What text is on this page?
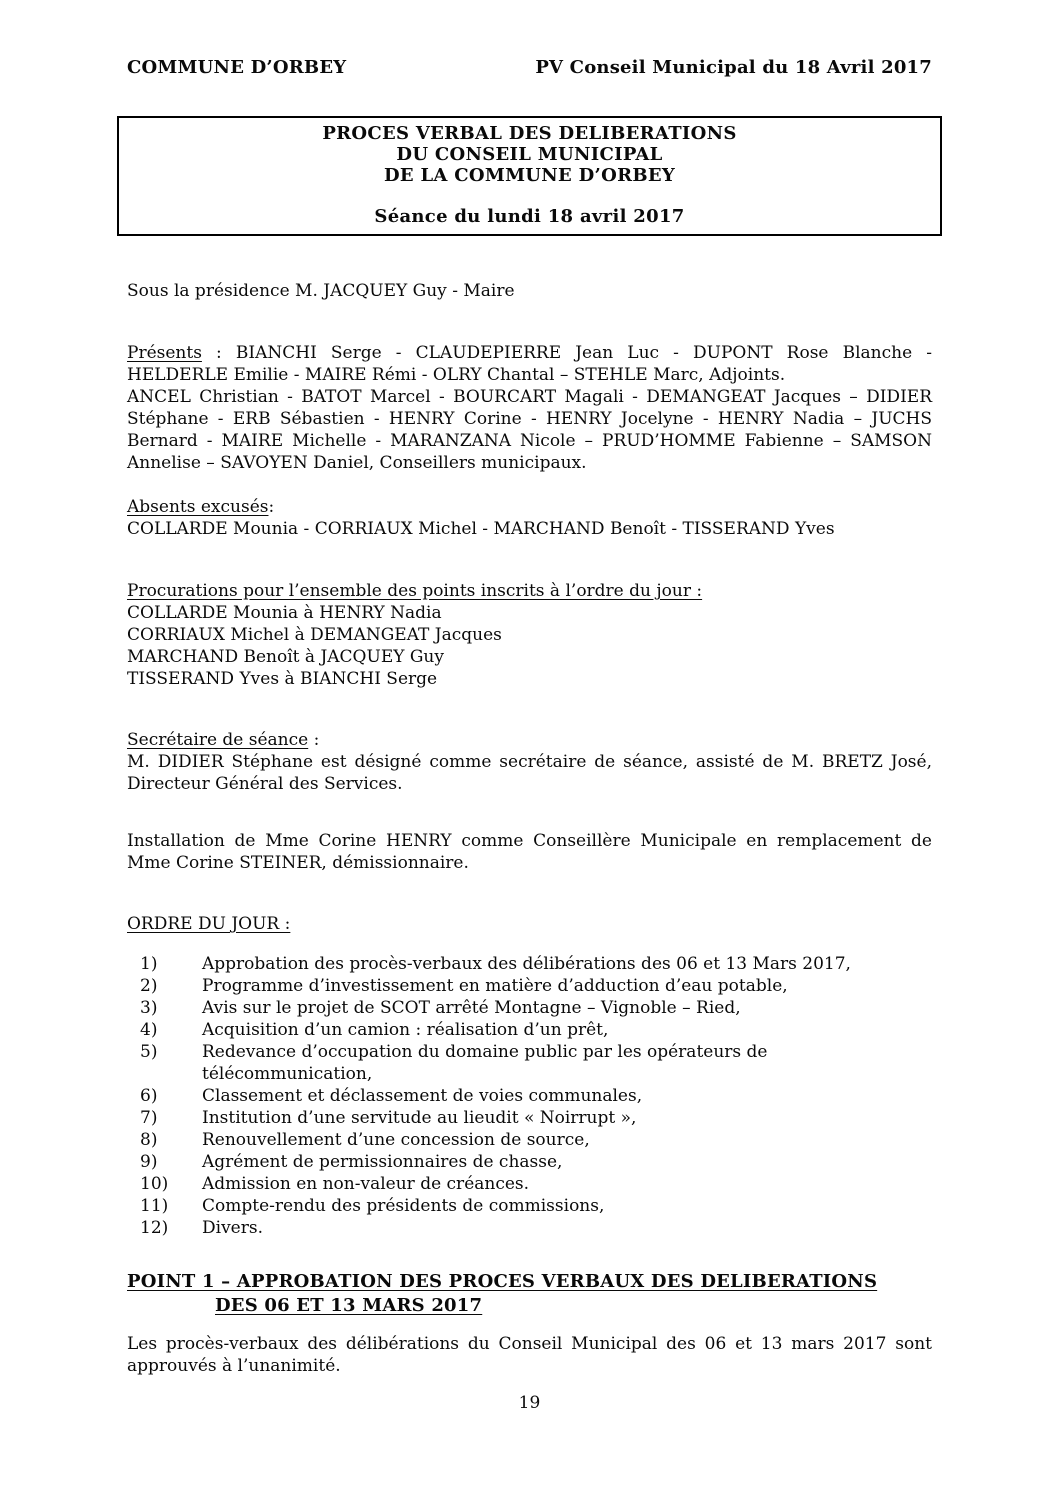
COMMUNE D’ORBEY	PV Conseil Municipal du 18 Avril 2017
PROCES VERBAL DES DELIBERATIONS
DU CONSEIL MUNICIPAL
DE LA COMMUNE D’ORBEY
Séance du lundi 18 avril 2017
Sous la présidence M. JACQUEY Guy - Maire
Présents : BIANCHI Serge - CLAUDEPIERRE Jean Luc - DUPONT Rose Blanche - HELDERLE Emilie - MAIRE Rémi - OLRY Chantal – STEHLE Marc, Adjoints.
ANCEL Christian - BATOT Marcel - BOURCART Magali - DEMANGEAT Jacques – DIDIER Stéphane - ERB Sébastien - HENRY Corine - HENRY Jocelyne - HENRY Nadia – JUCHS Bernard - MAIRE Michelle - MARANZANA Nicole – PRUD’HOMME Fabienne – SAMSON Annelise – SAVOYEN Daniel, Conseillers municipaux.
Absents excusés:
COLLARDE Mounia - CORRIAUX Michel - MARCHAND Benoît - TISSERAND Yves
Procurations pour l’ensemble des points inscrits à l’ordre du jour :
COLLARDE Mounia à HENRY Nadia
CORRIAUX Michel à DEMANGEAT Jacques
MARCHAND Benoît à JACQUEY Guy
TISSERAND Yves à BIANCHI Serge
Secrétaire de séance :
M. DIDIER Stéphane est désigné comme secrétaire de séance, assisté de M. BRETZ José, Directeur Général des Services.
Installation de Mme Corine HENRY comme Conseillère Municipale en remplacement de Mme Corine STEINER, démissionnaire.
ORDRE DU JOUR :
1)	Approbation des procès-verbaux des délibérations des 06 et 13 Mars 2017,
2)	Programme d’investissement en matière d’adduction d’eau potable,
3)	Avis sur le projet de SCOT arrêté Montagne – Vignoble – Ried,
4)	Acquisition d’un camion : réalisation d’un prêt,
5)	Redevance d’occupation du domaine public par les opérateurs de télécommunication,
6)	Classement et déclassement de voies communales,
7)	Institution d’une servitude au lieudit « Noirrupt »,
8)	Renouvellement d’une concession de source,
9)	Agrément de permissionnaires de chasse,
10)	Admission en non-valeur de créances.
11)	Compte-rendu des présidents de commissions,
12)	Divers.
POINT 1 – APPROBATION DES PROCES VERBAUX DES DELIBERATIONS
DES 06 ET 13 MARS 2017
Les procès-verbaux des délibérations du Conseil Municipal des 06 et 13 mars 2017 sont approuvés à l’unanimité.
19
